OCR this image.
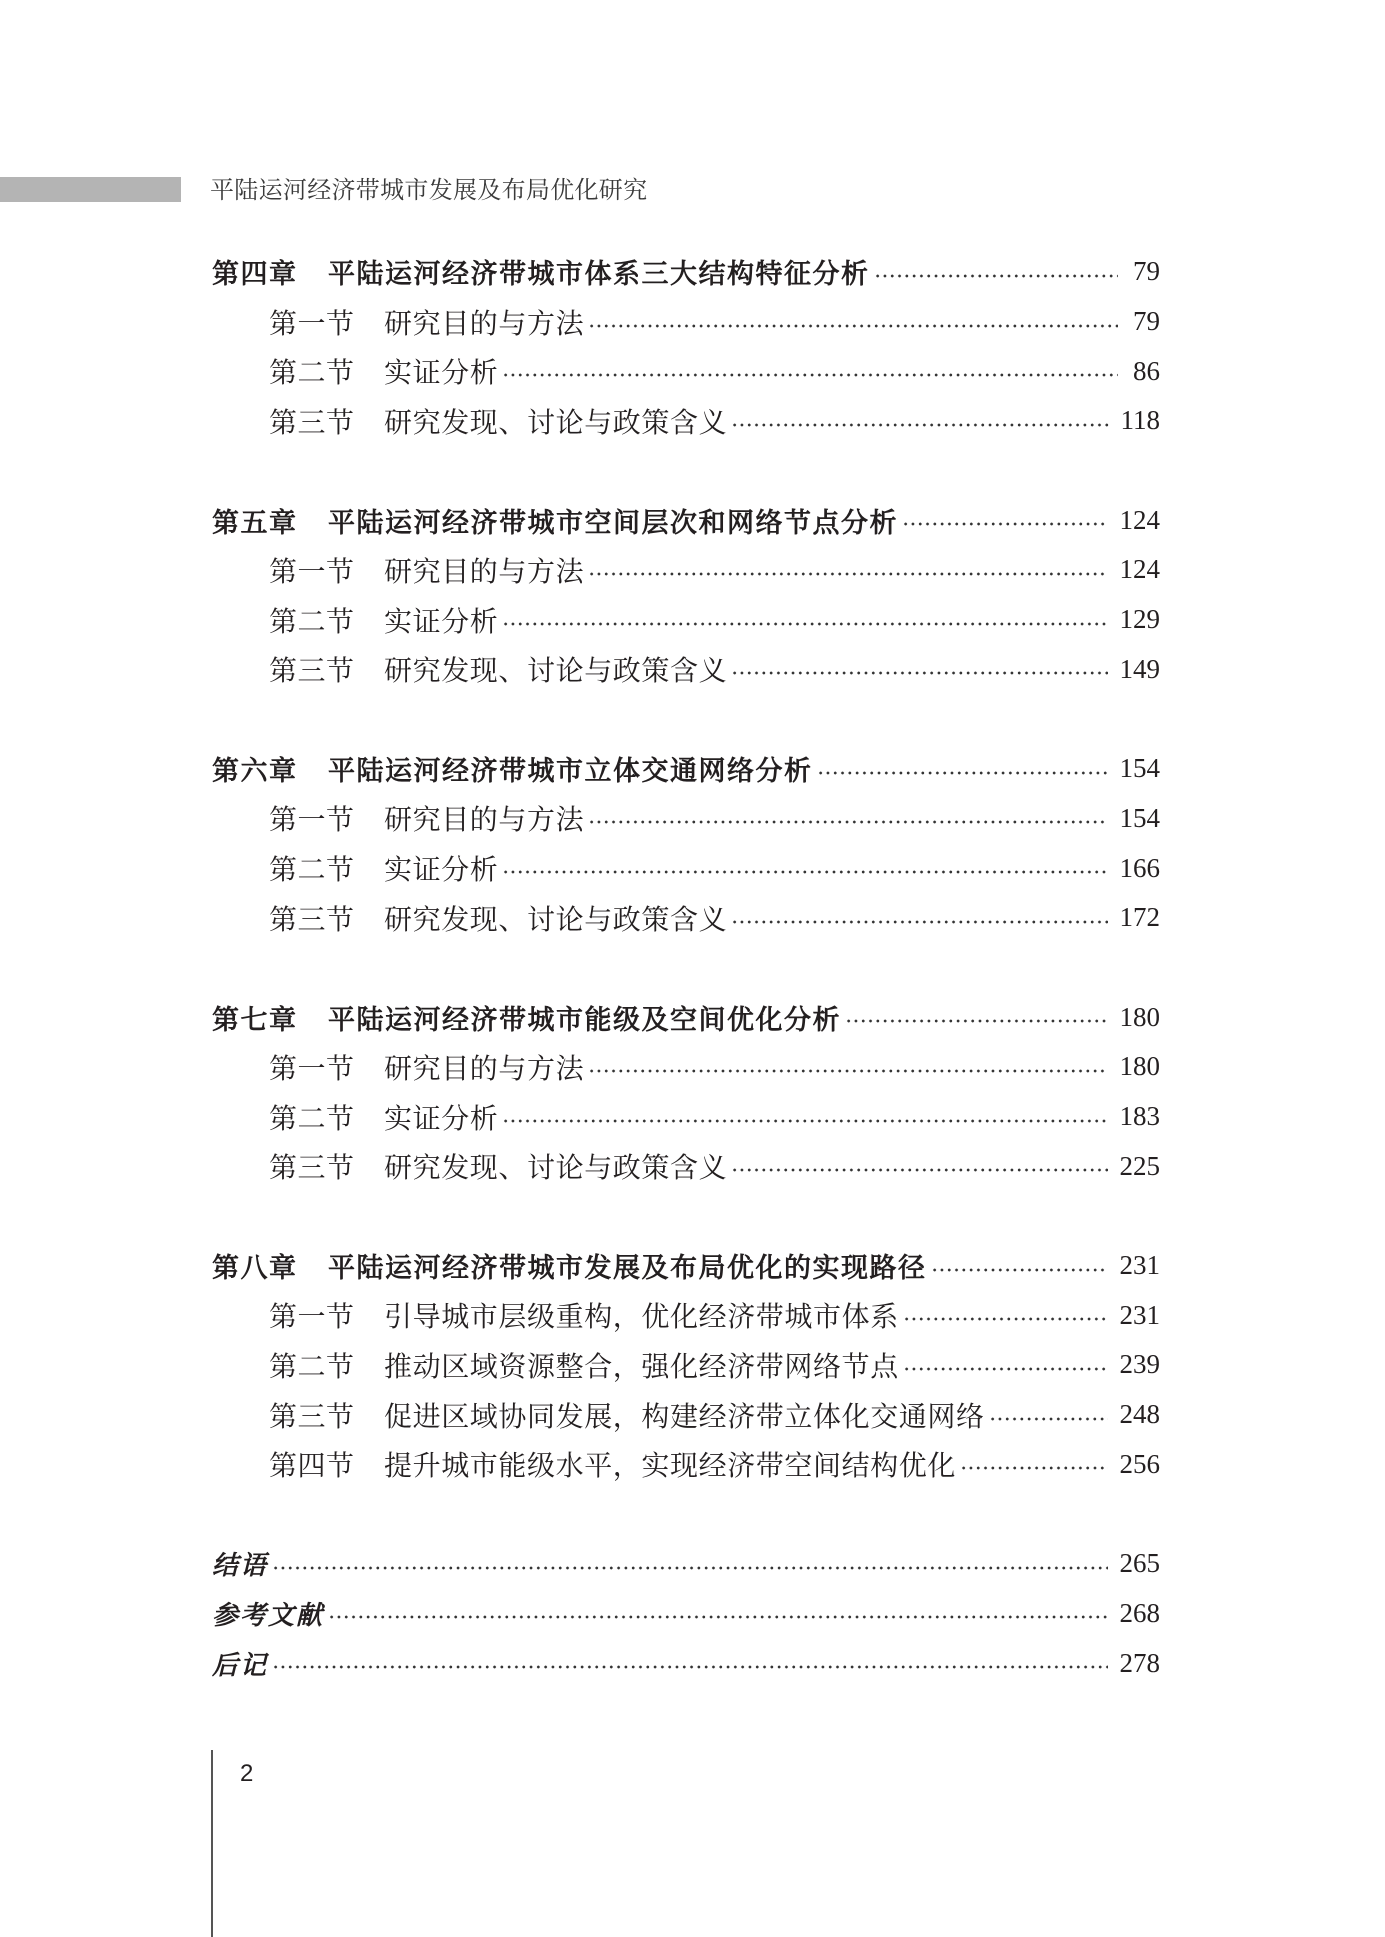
平陆运河经济带城市发展及布局优化研究
第四章	平陆运河经济带城市体系三大结构特征分析	79
第一节	研究目的与方法	79
第二节	实证分析	86
第三节	研究发现、讨论与政策含义	118
第五章	平陆运河经济带城市空间层次和网络节点分析	124
第一节	研究目的与方法	124
第二节	实证分析	129
第三节	研究发现、讨论与政策含义	149
第六章	平陆运河经济带城市立体交通网络分析	154
第一节	研究目的与方法	154
第二节	实证分析	166
第三节	研究发现、讨论与政策含义	172
第七章	平陆运河经济带城市能级及空间优化分析	180
第一节	研究目的与方法	180
第二节	实证分析	183
第三节	研究发现、讨论与政策含义	225
第八章	平陆运河经济带城市发展及布局优化的实现路径	231
第一节	引导城市层级重构，优化经济带城市体系	231
第二节	推动区域资源整合，强化经济带网络节点	239
第三节	促进区域协同发展，构建经济带立体化交通网络	248
第四节	提升城市能级水平，实现经济带空间结构优化	256
结语	265
参考文献	268
后记	278
2
